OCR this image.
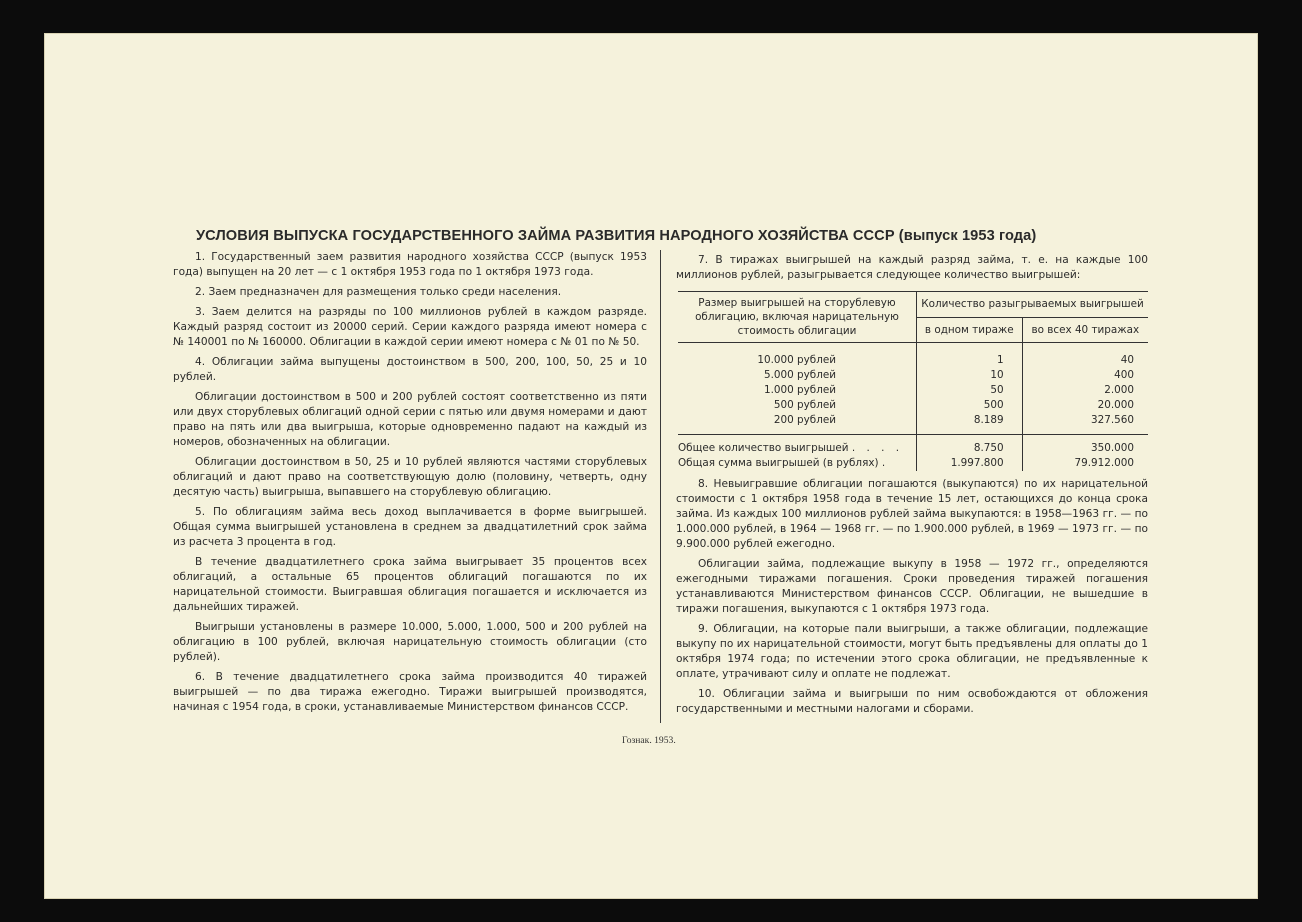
УСЛОВИЯ ВЫПУСКА ГОСУДАРСТВЕННОГО ЗАЙМА РАЗВИТИЯ НАРОДНОГО ХОЗЯЙСТВА СССР (выпуск 1953 года)

1. Государственный заем развития народного хозяйства СССР (выпуск 1953 года) выпущен на 20 лет — с 1 октября 1953 года по 1 октября 1973 года.

2. Заем предназначен для размещения только среди населения.

3. Заем делится на разряды по 100 миллионов рублей в каждом разряде. Каждый разряд состоит из 20000 серий. Серии каждого разряда имеют номера с № 140001 по № 160000. Облигации в каждой серии имеют номера с № 01 по № 50.

4. Облигации займа выпущены достоинством в 500, 200, 100, 50, 25 и 10 рублей.

Облигации достоинством в 500 и 200 рублей состоят соответственно из пяти или двух сторублевых облигаций одной серии с пятью или двумя номерами и дают право на пять или два выигрыша, которые одновременно падают на каждый из номеров, обозначенных на облигации.

Облигации достоинством в 50, 25 и 10 рублей являются частями сторублевых облигаций и дают право на соответствующую долю (половину, четверть, одну десятую часть) выигрыша, выпавшего на сторублевую облигацию.

5. По облигациям займа весь доход выплачивается в форме выигрышей. Общая сумма выигрышей установлена в среднем за двадцатилетний срок займа из расчета 3 процента в год.

В течение двадцатилетнего срока займа выигрывает 35 процентов всех облигаций, а остальные 65 процентов облигаций погашаются по их нарицательной стоимости. Выигравшая облигация погашается и исключается из дальнейших тиражей.

Выигрыши установлены в размере 10.000, 5.000, 1.000, 500 и 200 рублей на облигацию в 100 рублей, включая нарицательную стоимость облигации (сто рублей).

6. В течение двадцатилетнего срока займа производится 40 тиражей выигрышей — по два тиража ежегодно. Тиражи выигрышей производятся, начиная с 1954 года, в сроки, устанавливаемые Министерством финансов СССР.

7. В тиражах выигрышей на каждый разряд займа, т. е. на каждые 100 миллионов рублей, разыгрывается следующее количество выигрышей:

Размер выигрышей на сторублевую облигацию, включая нарицательную стоимость облигации	Количество разыгрываемых выигрышей	
	в одном тираже	во всех 40 тиражах
10.000 рублей	1	40
5.000 рублей	10	400
1.000 рублей	50	2.000
500 рублей	500	20.000
200 рублей	8.189	327.560
Общее количество выигрышей . . . .	8.750	350.000
Общая сумма выигрышей (в рублях) .	1.997.800	79.912.000

8. Невыигравшие облигации погашаются (выкупаются) по их нарицательной стоимости с 1 октября 1958 года в течение 15 лет, остающихся до конца срока займа. Из каждых 100 миллионов рублей займа выкупаются: в 1958—1963 гг. — по 1.000.000 рублей, в 1964 — 1968 гг. — по 1.900.000 рублей, в 1969 — 1973 гг. — по 9.900.000 рублей ежегодно.

Облигации займа, подлежащие выкупу в 1958 — 1972 гг., определяются ежегодными тиражами погашения. Сроки проведения тиражей погашения устанавливаются Министерством финансов СССР. Облигации, не вышедшие в тиражи погашения, выкупаются с 1 октября 1973 года.

9. Облигации, на которые пали выигрыши, а также облигации, подлежащие выкупу по их нарицательной стоимости, могут быть предъявлены для оплаты до 1 октября 1974 года; по истечении этого срока облигации, не предъявленные к оплате, утрачивают силу и оплате не подлежат.

10. Облигации займа и выигрыши по ним освобождаются от обложения государственными и местными налогами и сборами.

Гознак. 1953.
